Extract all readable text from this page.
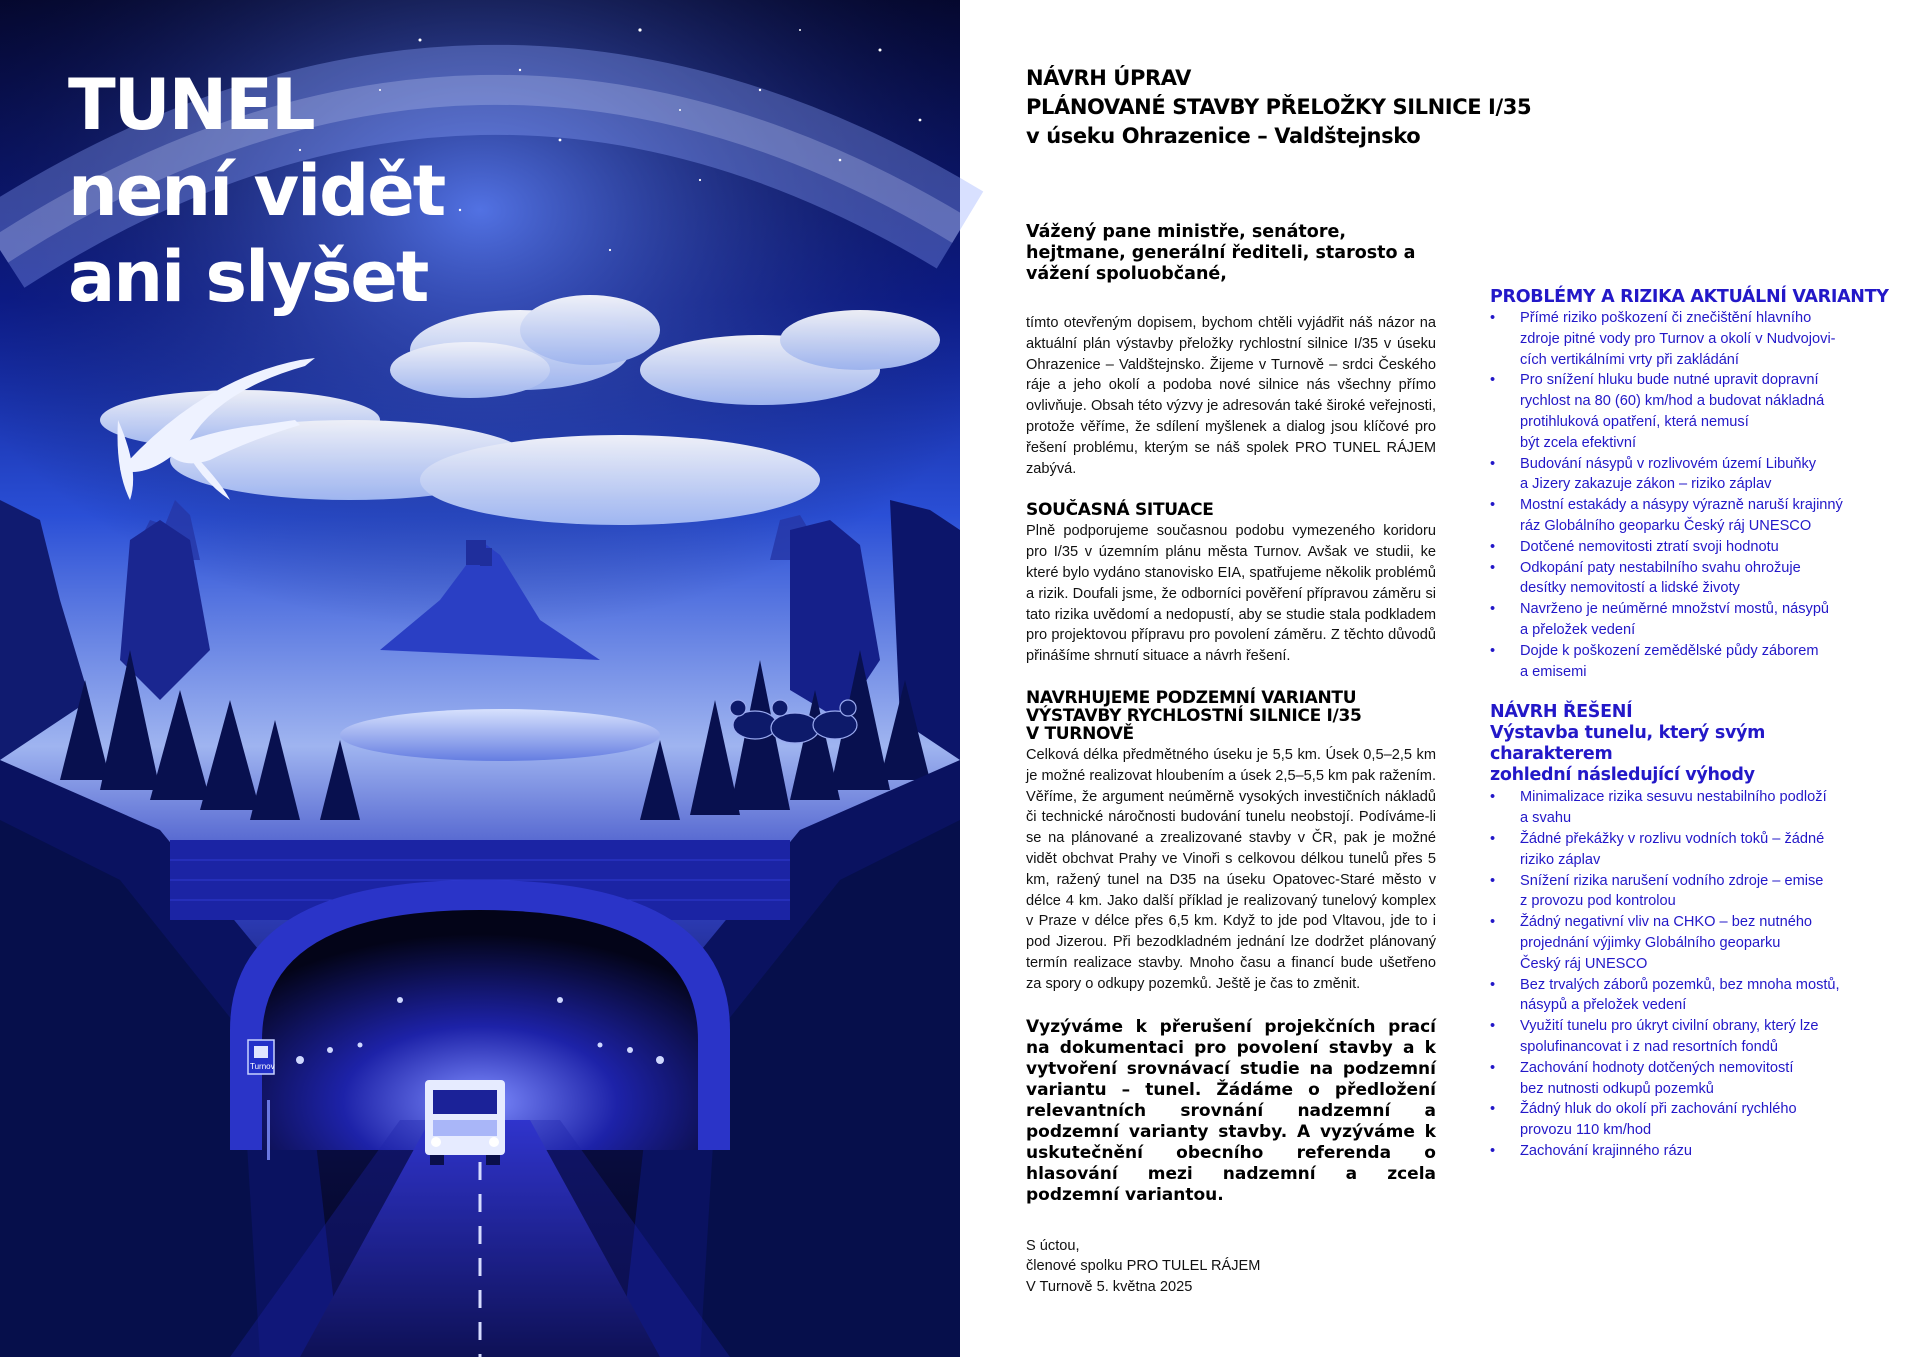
Turnov
TUNEL
není vidět
ani slyšet
NÁVRH ÚPRAV
PLÁNOVANÉ STAVBY PŘELOŽKY SILNICE I/35
v úseku Ohrazenice – Valdštejnsko

Vážený pane ministře, senátore, hejtmane, generální řediteli, starosto a vážení spoluobčané,

tímto otevřeným dopisem, bychom chtěli vyjádřit náš názor na aktuální plán výstavby přeložky rychlostní silnice I/35 v úseku Ohrazenice – Valdštejnsko. Žijeme v Turnově – srdci Českého ráje a jeho okolí a podoba nové silnice nás všechny přímo ovlivňuje. Obsah této výzvy je adresován také široké veřejnosti, protože věříme, že sdílení myšlenek a dialog jsou klíčové pro řešení problému, kterým se náš spolek PRO TUNEL RÁJEM zabývá.

SOUČASNÁ SITUACE

Plně podporujeme současnou podobu vymezeného koridoru pro I/35 v územním plánu města Turnov. Avšak ve studii, ke které bylo vydáno stanovisko EIA, spatřujeme několik problémů a rizik. Doufali jsme, že odborníci pověření přípravou záměru si tato rizika uvědomí a nedopustí, aby se studie stala podkladem pro projektovou přípravu pro povolení záměru. Z těchto důvodů přinášíme shrnutí situace a návrh řešení.

NAVRHUJEME PODZEMNÍ VARIANTU
VÝSTAVBY RYCHLOSTNÍ SILNICE I/35
V TURNOVĚ

Celková délka předmětného úseku je 5,5 km. Úsek 0,5–2,5 km je možné realizovat hloubením a úsek 2,5–5,5 km pak ražením. Věříme, že argument neúměrně vysokých investičních nákladů či technické náročnosti budování tunelu neobstojí. Podíváme-li se na plánované a zrealizované stavby v ČR, pak je možné vidět obchvat Prahy ve Vinoři s celkovou délkou tunelů přes 5 km, ražený tunel na D35 na úseku Opatovec-Staré město v délce 4 km. Jako další příklad je realizovaný tunelový komplex v Praze v délce přes 6,5 km. Když to jde pod Vltavou, jde to i pod Jizerou. Při bezodkladném jednání lze dodržet plánovaný termín realizace stavby. Mnoho času a financí bude ušetřeno za spory o odkupy pozemků. Ještě je čas to změnit.

Vyzýváme k přerušení projekčních prací na dokumentaci pro povolení stavby a k vytvoření srovnávací studie na podzemní variantu – tunel. Žádáme o předložení relevantních srovnání nadzemní a podzemní varianty stavby. A vyzýváme k uskutečnění obecního referenda o hlasování mezi nadzemní a zcela podzemní variantou.

S úctou,

členové spolku PRO TULEL RÁJEM

V Turnově 5. května 2025

PROBLÉMY A RIZIKA AKTUÁLNÍ VARIANTY
• Přímé riziko poškození či znečištění hlavního
zdroje pitné vody pro Turnov a okolí v Nudvojovi-
cích vertikálními vrty při zakládání
• Pro snížení hluku bude nutné upravit dopravní
rychlost na 80 (60) km/hod a budovat nákladná
protihluková opatření, která nemusí
být zcela efektivní
• Budování násypů v rozlivovém území Libuňky
a Jizery zakazuje zákon – riziko záplav
• Mostní estakády a násypy výrazně naruší krajinný
ráz Globálního geoparku Český ráj UNESCO
• Dotčené nemovitosti ztratí svoji hodnotu
• Odkopání paty nestabilního svahu ohrožuje
desítky nemovitostí a lidské životy
• Navrženo je neúměrné množství mostů, násypů
a přeložek vedení
• Dojde k poškození zemědělské půdy záborem
a emisemi
NÁVRH ŘEŠENÍ
Výstavba tunelu, který svým charakterem
zohlední následující výhody
• Minimalizace rizika sesuvu nestabilního podloží
a svahu
• Žádné překážky v rozlivu vodních toků – žádné
riziko záplav
• Snížení rizika narušení vodního zdroje – emise
z provozu pod kontrolou
• Žádný negativní vliv na CHKO – bez nutného
projednání výjimky Globálního geoparku
Český ráj UNESCO
• Bez trvalých záborů pozemků, bez mnoha mostů,
násypů a přeložek vedení
• Využití tunelu pro úkryt civilní obrany, který lze
spolufinancovat i z nad resortních fondů
• Zachování hodnoty dotčených nemovitostí
bez nutnosti odkupů pozemků
• Žádný hluk do okolí při zachování rychlého
provozu 110 km/hod
• Zachování krajinného rázu
